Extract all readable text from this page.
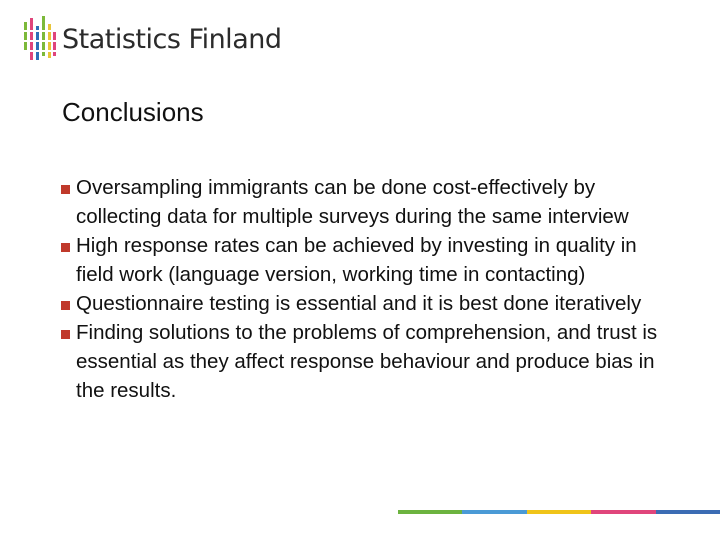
Statistics Finland
Conclusions
Oversampling immigrants can be done cost-effectively by collecting data for multiple surveys during the same interview
High response rates can be achieved by investing in quality in field work (language version, working time in contacting)
Questionnaire testing is essential and it is best done iteratively
Finding solutions to the problems of comprehension, and trust is essential as they affect response behaviour and produce bias in the results.
